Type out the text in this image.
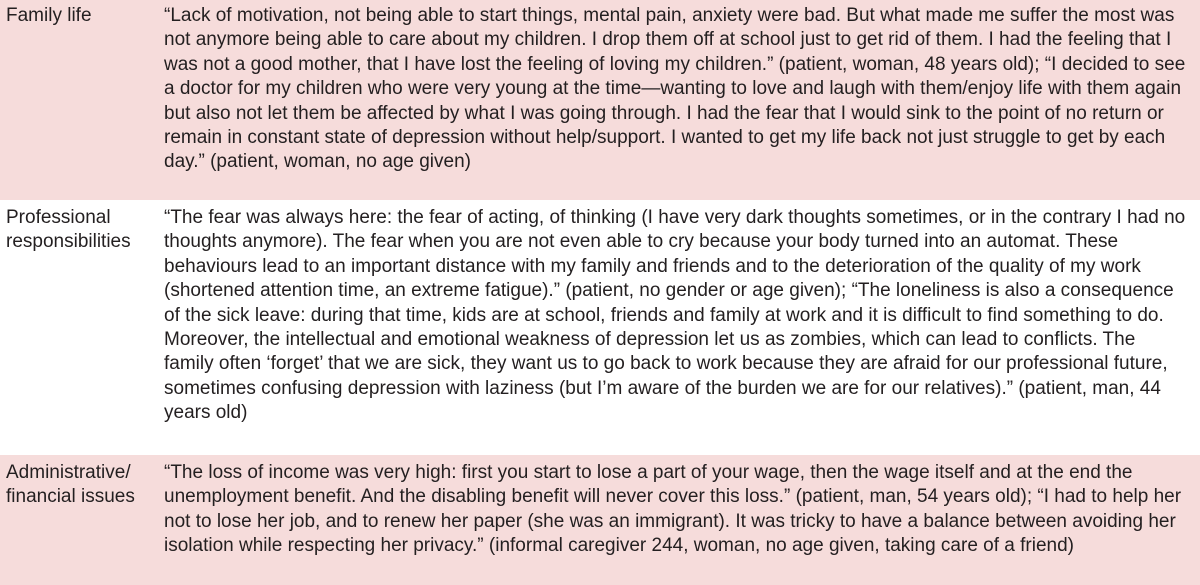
Family life	“Lack of motivation, not being able to start things, mental pain, anxiety were bad. But what made me suffer the most was not anymore being able to care about my children. I drop them off at school just to get rid of them. I had the feeling that I was not a good mother, that I have lost the feeling of loving my children.” (patient, woman, 48 years old); “I decided to see a doctor for my children who were very young at the time—wanting to love and laugh with them/enjoy life with them again but also not let them be affected by what I was going through. I had the fear that I would sink to the point of no return or remain in constant state of depression without help/support. I wanted to get my life back not just struggle to get by each day.” (patient, woman, no age given)
Professional responsibilities	“The fear was always here: the fear of acting, of thinking (I have very dark thoughts sometimes, or in the contrary I had no thoughts anymore). The fear when you are not even able to cry because your body turned into an automat. These behaviours lead to an important distance with my family and friends and to the deterioration of the quality of my work (shortened attention time, an extreme fatigue).” (patient, no gender or age given); “The loneliness is also a consequence of the sick leave: during that time, kids are at school, friends and family at work and it is difficult to find something to do. Moreover, the intellectual and emotional weakness of depression let us as zombies, which can lead to conflicts. The family often ‘forget’ that we are sick, they want us to go back to work because they are afraid for our professional future, sometimes confusing depression with laziness (but I’m aware of the burden we are for our relatives).” (patient, man, 44 years old)
Administrative/ financial issues	“The loss of income was very high: first you start to lose a part of your wage, then the wage itself and at the end the unemployment benefit. And the disabling benefit will never cover this loss.” (patient, man, 54 years old); “I had to help her not to lose her job, and to renew her paper (she was an immigrant). It was tricky to have a balance between avoiding her isolation while respecting her privacy.” (informal caregiver 244, woman, no age given, taking care of a friend)
